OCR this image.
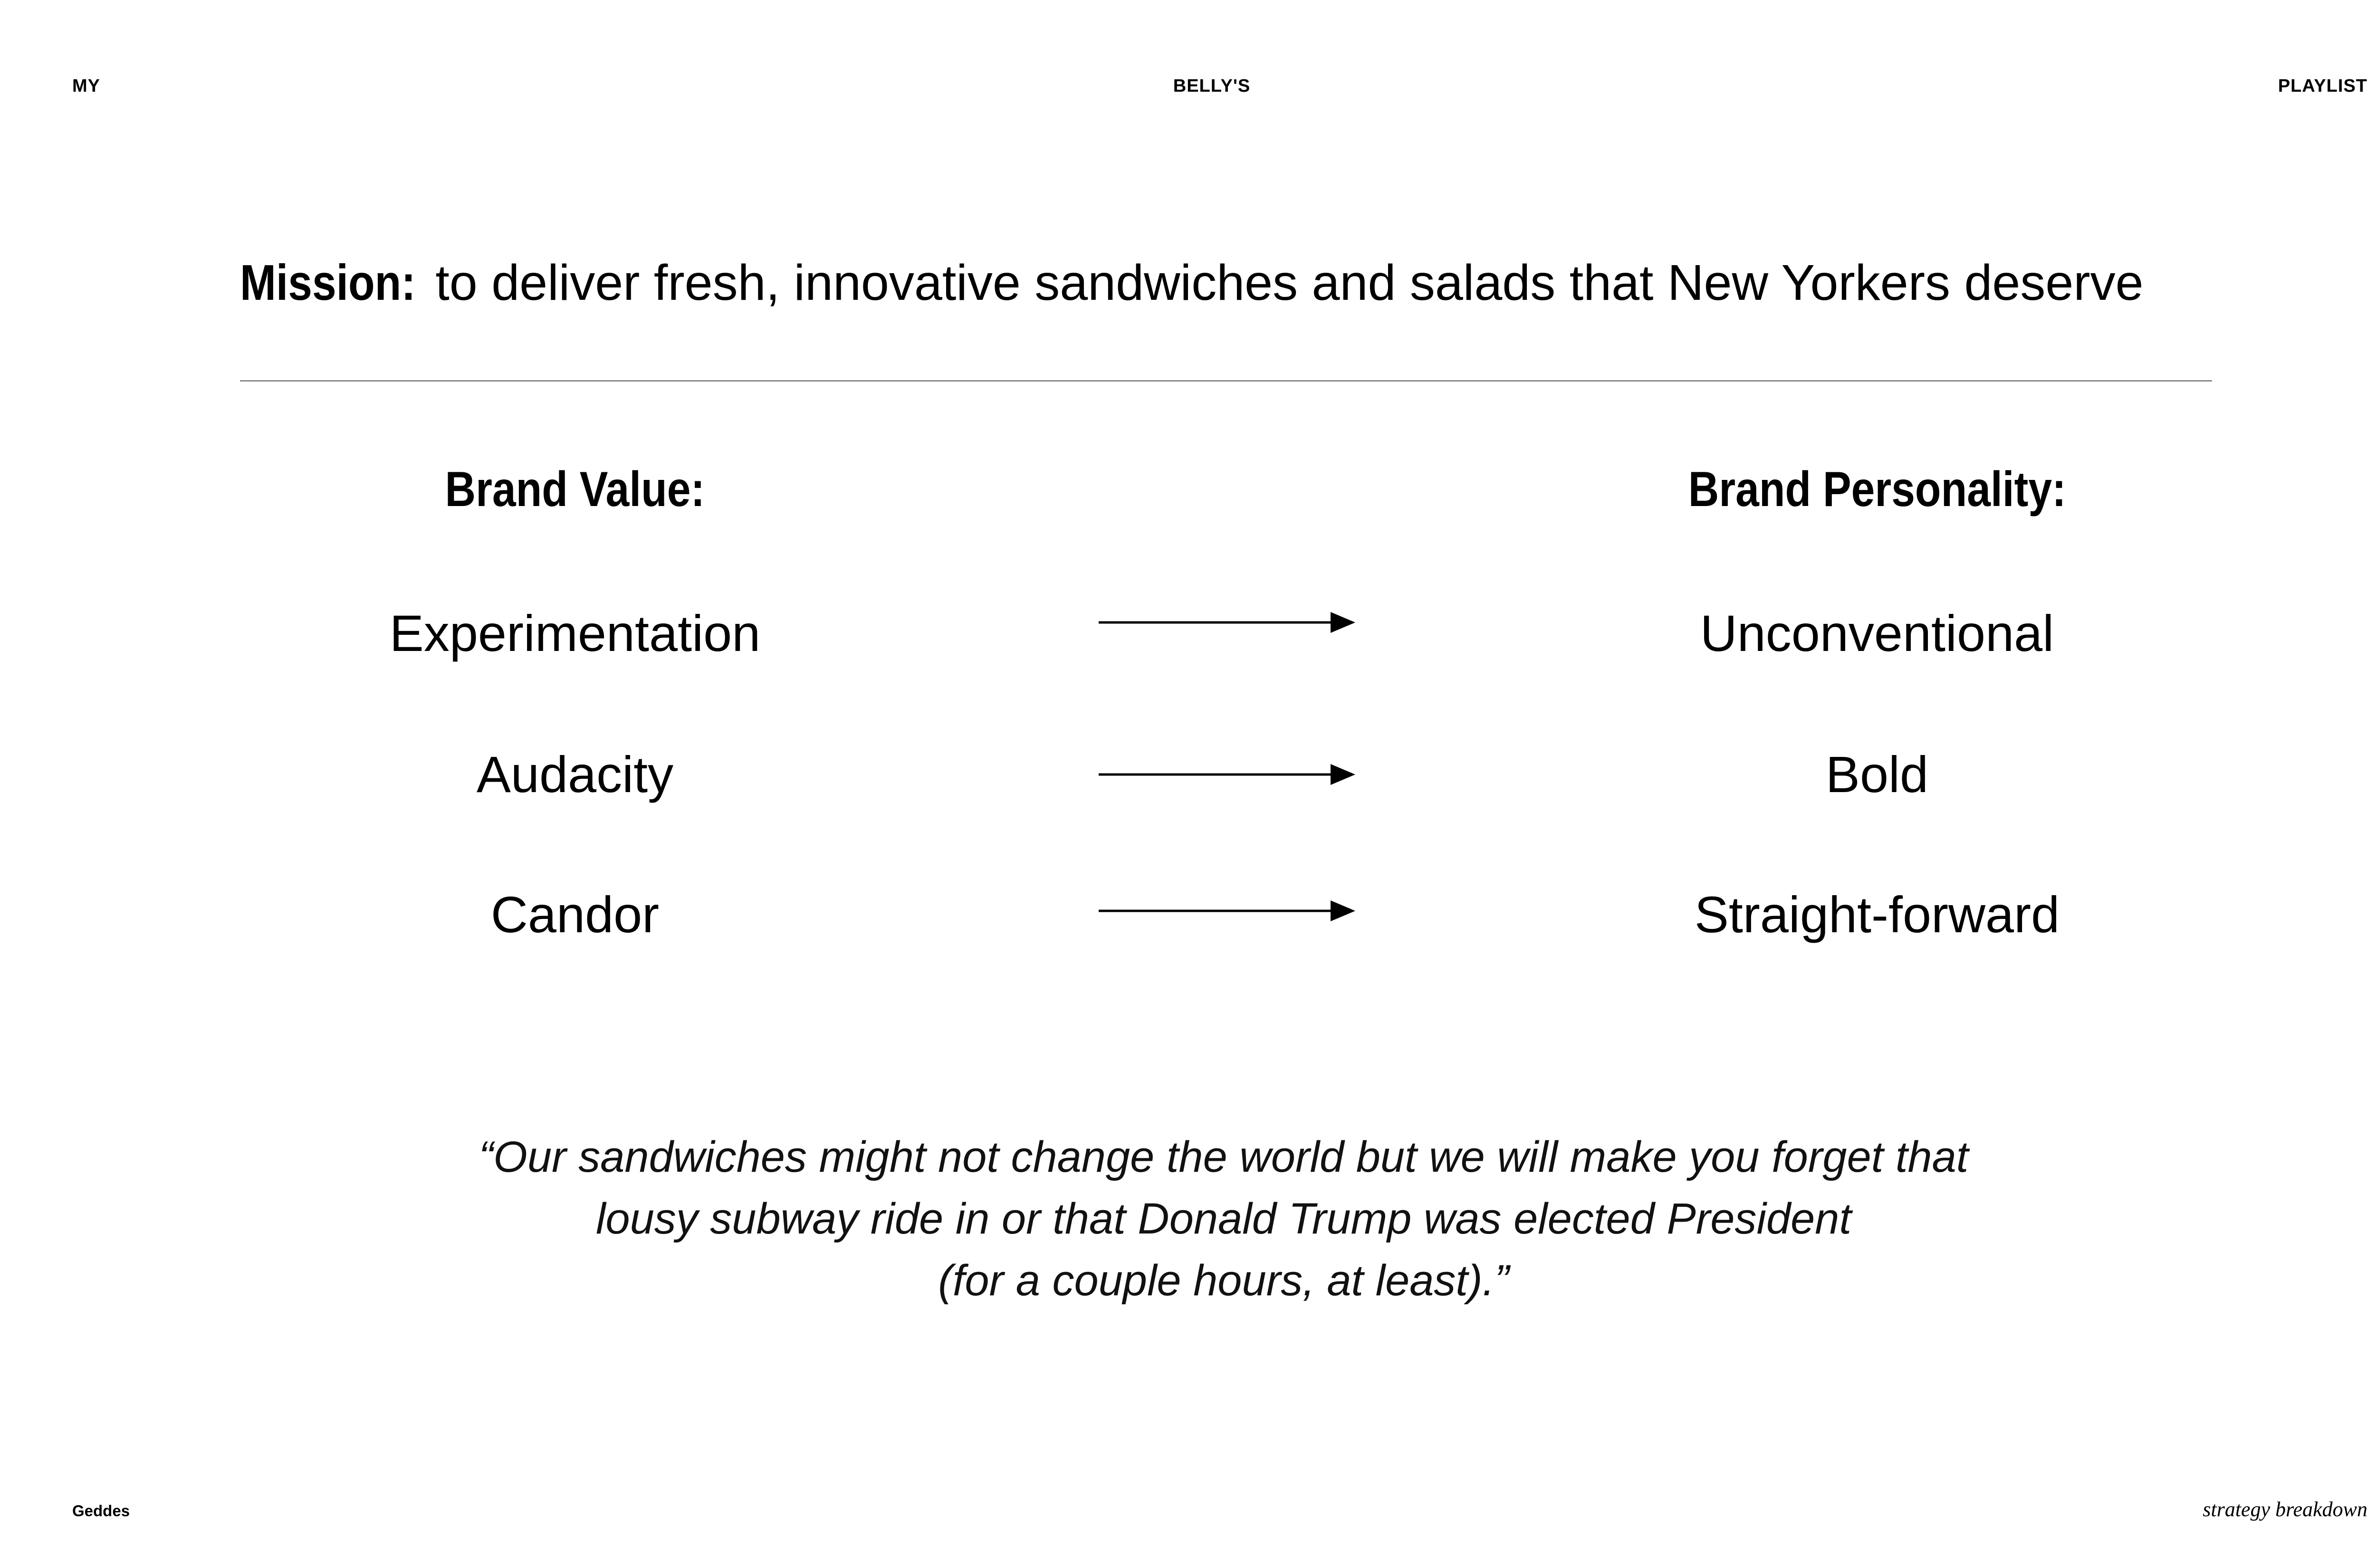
MY	BELLY'S	PLAYLIST
Mission: to deliver fresh, innovative sandwiches and salads that New Yorkers deserve
Brand Value:	Brand Personality:
Experimentation	Unconventional
Audacity	Bold
Candor	Straight-forward
“Our sandwiches might not change the world but we will make you forget that
lousy subway ride in or that Donald Trump was elected President
(for a couple hours, at least).”
Geddes	strategy breakdown
